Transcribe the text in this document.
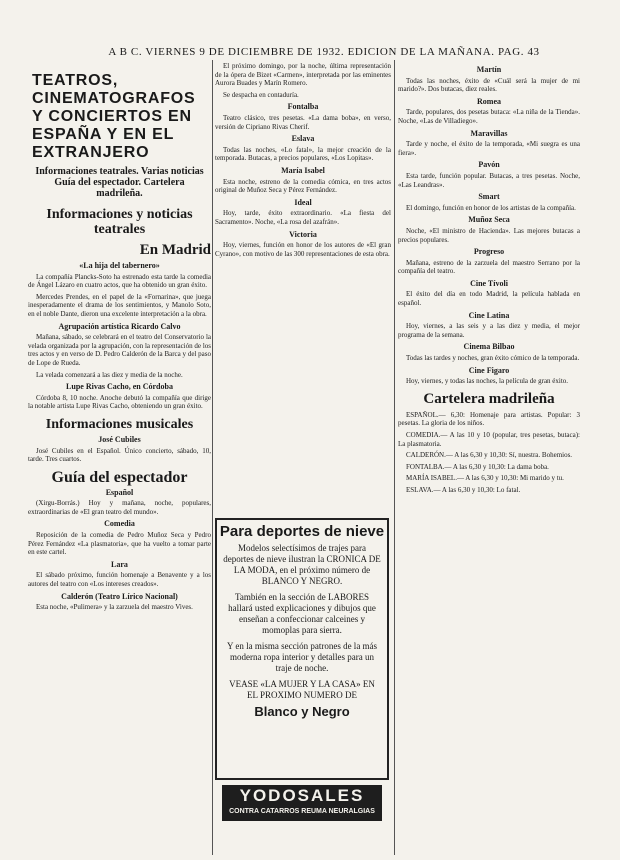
A B C. VIERNES 9 DE DICIEMBRE DE 1932. EDICION DE LA MAÑANA. PAG. 43
TEATROS, CINEMATOGRAFOS Y CONCIERTOS EN ESPAÑA Y EN EL EXTRANJERO
Informaciones teatrales. Varias noticias Guía del espectador. Cartelera madrileña.
Informaciones y noticias teatrales
En Madrid
«La hija del tabernero»

La compañía Plancks-Soto ha estrenado esta tarde la comedia de Ángel Lázaro en cuatro actos, que ha obtenido un gran éxito.

Mercedes Prendes, en el papel de la «Fornarina», que juega inesperadamente el drama de los sentimientos, y Manolo Soto, en el noble Dante, dieron una excelente interpretación a la obra.

Agrupación artística Ricardo Calvo

Mañana, sábado, se celebrará en el teatro del Conservatorio la velada organizada por la agrupación, con la representación de los tres actos y en verso de D. Pedro Calderón de la Barca y del paso de Lope de Rueda.

La velada comenzará a las diez y media de la noche.

Lupe Rivas Cacho, en Córdoba

Córdoba 8, 10 noche. Anoche debutó la compañía que dirige la notable artista Lupe Rivas Cacho, obteniendo un gran éxito.

Informaciones musicales
José Cubiles

José Cubiles en el Español. Único concierto, sábado, 10, tarde. Tres cuartos.

Guía del espectador
Español

(Xirgu-Borrás.) Hoy y mañana, noche, populares, extraordinarias de «El gran teatro del mundo».

Comedia

Reposición de la comedia de Pedro Muñoz Seca y Pedro Pérez Fernández «La plasmatoria», que ha vuelto a tomar parte en este cartel.

Lara

El sábado próximo, función homenaje a Benavente y a los autores del teatro con «Los intereses creados».

Calderón (Teatro Lírico Nacional)

Esta noche, «Pulimera» y la zarzuela del maestro Vives.

El próximo domingo, por la noche, última representación de la ópera de Bizet «Carmen», interpretada por las eminentes Aurora Buades y Marín Romero.

Se despacha en contaduría.

Fontalba

Teatro clásico, tres pesetas. «La dama boba», en verso, versión de Cipriano Rivas Cherif.

Eslava

Todas las noches, «Lo fatal», la mejor creación de la temporada. Butacas, a precios populares, «Los Lopitas».

María Isabel

Esta noche, estreno de la comedia cómica, en tres actos original de Muñoz Seca y Pérez Fernández.

Ideal

Hoy, tarde, éxito extraordinario. «La fiesta del Sacramento». Noche, «La rosa del azafrán».

Victoria

Hoy, viernes, función en honor de los autores de «El gran Cyrano», con motivo de las 300 representaciones de esta obra.

Para deportes de nieve

Modelos selectísimos de trajes para deportes de nieve ilustran la CRONICA DE LA MODA, en el próximo número de BLANCO Y NEGRO.

También en la sección de LABORES hallará usted explicaciones y dibujos que enseñan a confeccionar calceines y momoplas para sierra.

Y en la misma sección patrones de la más moderna ropa interior y detalles para un traje de noche.

VEASE «LA MUJER Y LA CASA» EN EL PROXIMO NUMERO DE

Blanco y Negro
YODOSALES
CONTRA CATARROS REUMA NEURALGIAS
Martín

Todas las noches, éxito de «Cuál será la mujer de mi marido?». Dos butacas, diez reales.

Romea

Tarde, populares, dos pesetas butaca: «La niña de la Tienda». Noche, «Las de Villadiego».

Maravillas

Tarde y noche, el éxito de la temporada, «Mi suegra es una fiera».

Pavón

Esta tarde, función popular. Butacas, a tres pesetas. Noche, «Las Leandras».

Smart

El domingo, función en honor de los artistas de la compañía.

Muñoz Seca

Noche, «El ministro de Hacienda». Las mejores butacas a precios populares.

Progreso

Mañana, estreno de la zarzuela del maestro Serrano por la compañía del teatro.

Cine Tívoli

El éxito del día en todo Madrid, la película hablada en español.

Cine Latina

Hoy, viernes, a las seis y a las diez y media, el mejor programa de la semana.

Cinema Bilbao

Todas las tardes y noches, gran éxito cómico de la temporada.

Cine Figaro

Hoy, viernes, y todas las noches, la película de gran éxito.

Cartelera madrileña

ESPAÑOL.— 6,30: Homenaje para artistas. Popular: 3 pesetas. La gloria de los niños.

COMEDIA.— A las 10 y 10 (popular, tres pesetas, butaca): La plasmatoria.

CALDERÓN.— A las 6,30 y 10,30: Sí, nuestra. Bohemios.

FONTALBA.— A las 6,30 y 10,30: La dama boba.

MARÍA ISABEL.— A las 6,30 y 10,30: Mi marido y tu.

ESLAVA.— A las 6,30 y 10,30: Lo fatal.
